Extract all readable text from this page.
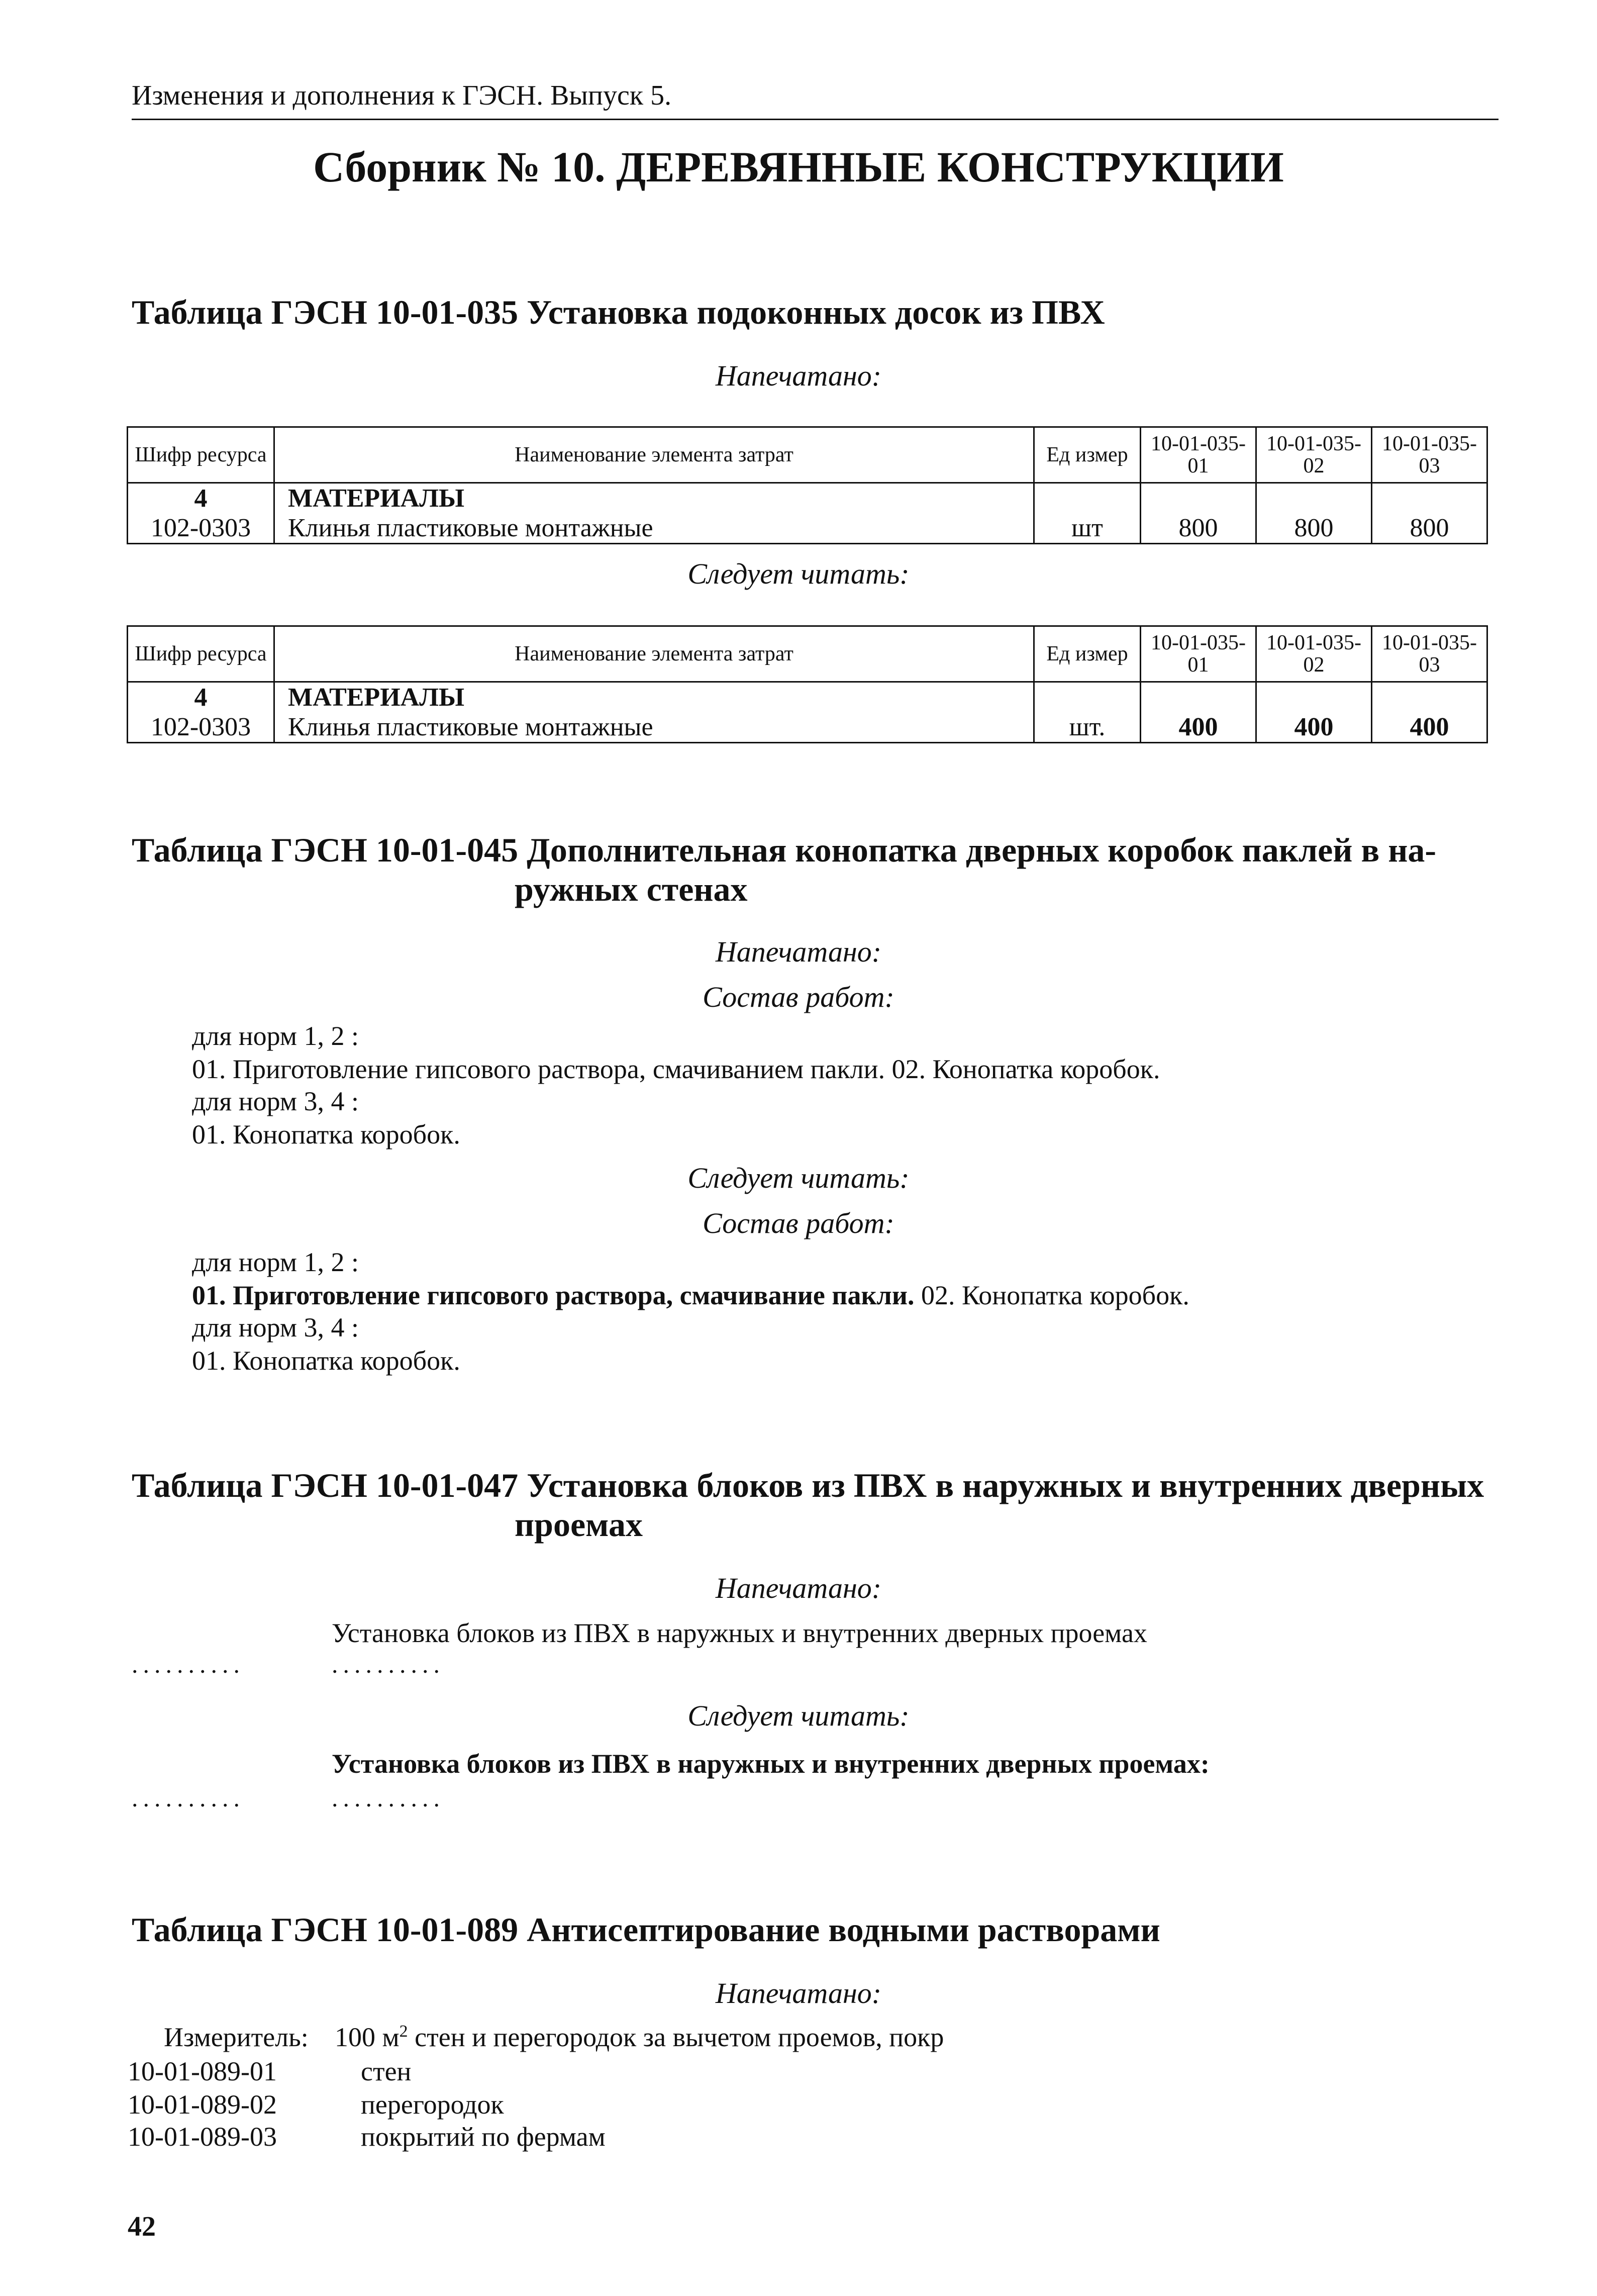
Изменения и дополнения к ГЭСН. Выпуск 5.
Сборник № 10. ДЕРЕВЯННЫЕ КОНСТРУКЦИИ
Таблица ГЭСН 10-01-035 Установка подоконных досок из ПВХ
Напечатано:
Шифр ресурса	Наименование элемента затрат	Ед измер	10-01-035-01	10-01-035-02	10-01-035-03
4	МАТЕРИАЛЫ				
102-0303	Клинья пластиковые монтажные	шт	800	800	800
Следует читать:
Шифр ресурса	Наименование элемента затрат	Ед измер	10-01-035-01	10-01-035-02	10-01-035-03
4	МАТЕРИАЛЫ				
102-0303	Клинья пластиковые монтажные	шт.	400	400	400
Таблица ГЭСН 10-01-045 Дополнительная конопатка дверных коробок паклей в на-
ружных стенах
Напечатано:
Состав работ:
для норм 1, 2 :
01. Приготовление гипсового раствора, смачиванием пакли. 02. Конопатка коробок.
для норм 3, 4 :
01. Конопатка коробок.
Следует читать:
Состав работ:
для норм 1, 2 :
01. Приготовление гипсового раствора, смачивание пакли. 02. Конопатка коробок.
для норм 3, 4 :
01. Конопатка коробок.
Таблица ГЭСН 10-01-047 Установка блоков из ПВХ в наружных и внутренних дверных
проемах
Напечатано:
Установка блоков из ПВХ в наружных и внутренних дверных проемах
..........	..........
Следует читать:
Установка блоков из ПВХ в наружных и внутренних дверных проемах:
..........	..........
Таблица ГЭСН 10-01-089 Антисептирование водными растворами
Напечатано:
Измеритель: 100 $м^2$ стен и перегородок за вычетом проемов, покр
10-01-089-01	стен
10-01-089-02	перегородок
10-01-089-03	покрытий по фермам
42
